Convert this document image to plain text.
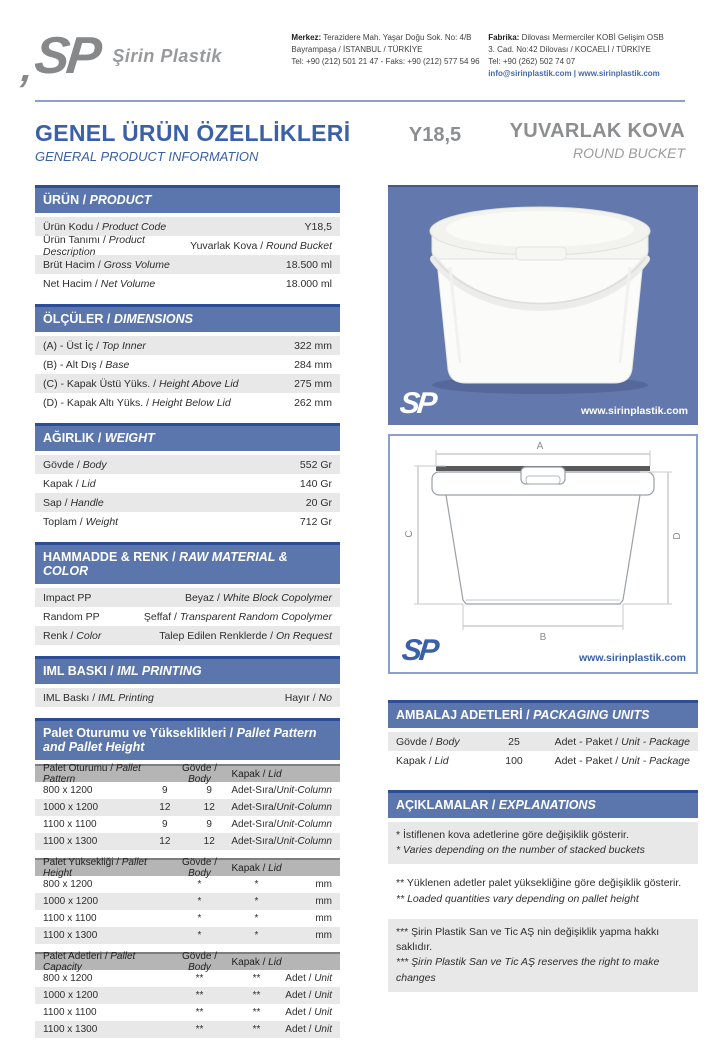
SP
,	Şirin Plastik
Merkez: Terazidere Mah. Yaşar Doğu Sok. No: 4/B
Bayrampaşa / İSTANBUL / TÜRKİYE
Tel: +90 (212) 501 21 47 - Faks: +90 (212) 577 54 96
Fabrika: Dilovası Mermerciler KOBİ Gelişim OSB
3. Cad. No:42 Dilovası / KOCAELİ / TÜRKİYE
Tel: +90 (262) 502 74 07
info@sirinplastik.com | www.sirinplastik.com
GENEL ÜRÜN ÖZELLİKLERİ
GENERAL PRODUCT INFORMATION
Y18,5	YUVARLAK KOVA
ROUND BUCKET
ÜRÜN / PRODUCT
Ürün Kodu / Product Code	Y18,5
Ürün Tanımı / Product Description	Yuvarlak Kova / Round Bucket
Brüt Hacim / Gross Volume	18.500 ml
Net Hacim / Net Volume	18.000 ml
ÖLÇÜLER / DIMENSIONS
(A) - Üst İç / Top Inner	322 mm
(B) - Alt Dış / Base	284 mm
(C) - Kapak Üstü Yüks. / Height Above Lid	275 mm
(D) - Kapak Altı Yüks. / Height Below Lid	262 mm
AĞIRLIK / WEIGHT
Gövde / Body	552 Gr
Kapak / Lid	140 Gr
Sap / Handle	20 Gr
Toplam / Weight	712 Gr
HAMMADDE & RENK / RAW MATERIAL & COLOR
Impact PP	Beyaz / White Block Copolymer
Random PP	Şeffaf / Transparent Random Copolymer
Renk / Color	Talep Edilen Renklerde / On Request
IML BASKI / IML PRINTING
IML Baskı / IML Printing	Hayır / No
Palet Oturumu ve Yükseklikleri / Pallet Pattern and Pallet Height
Palet Oturumu / Pallet Pattern
Gövde / Body	Kapak / Lid
800 x 1200	9	9	Adet-Sıra/Unit-Column
1000 x 1200	12	12	Adet-Sıra/Unit-Column
1100 x 1100	9	9	Adet-Sıra/Unit-Column
1100 x 1300	12	12	Adet-Sıra/Unit-Column
Palet Yüksekliği / Pallet Height
Gövde / Body	Kapak / Lid
800 x 1200	*	*	mm
1000 x 1200	*	*	mm
1100 x 1100	*	*	mm
1100 x 1300	*	*	mm
Palet Adetleri / Pallet Capacity
Gövde / Body	Kapak / Lid
800 x 1200	**	**	Adet / Unit
1000 x 1200	**	**	Adet / Unit
1100 x 1100	**	**	Adet / Unit
1100 x 1300	**	**	Adet / Unit
SP	www.sirinplastik.com
A
B
C	D
SP	www.sirinplastik.com
AMBALAJ ADETLERİ / PACKAGING UNITS
Gövde / Body	25	Adet - Paket / Unit - Package
Kapak / Lid	100	Adet - Paket / Unit - Package
AÇIKLAMALAR / EXPLANATIONS
* İstiflenen kova adetlerine göre değişiklik gösterir.
* Varies depending on the number of stacked buckets
** Yüklenen adetler palet yüksekliğine göre değişiklik gösterir.
** Loaded quantities vary depending on pallet height
*** Şirin Plastik San ve Tic AŞ nin değişiklik yapma hakkı saklıdır.
*** Şirin Plastik San ve Tic AŞ reserves the right to make changes
